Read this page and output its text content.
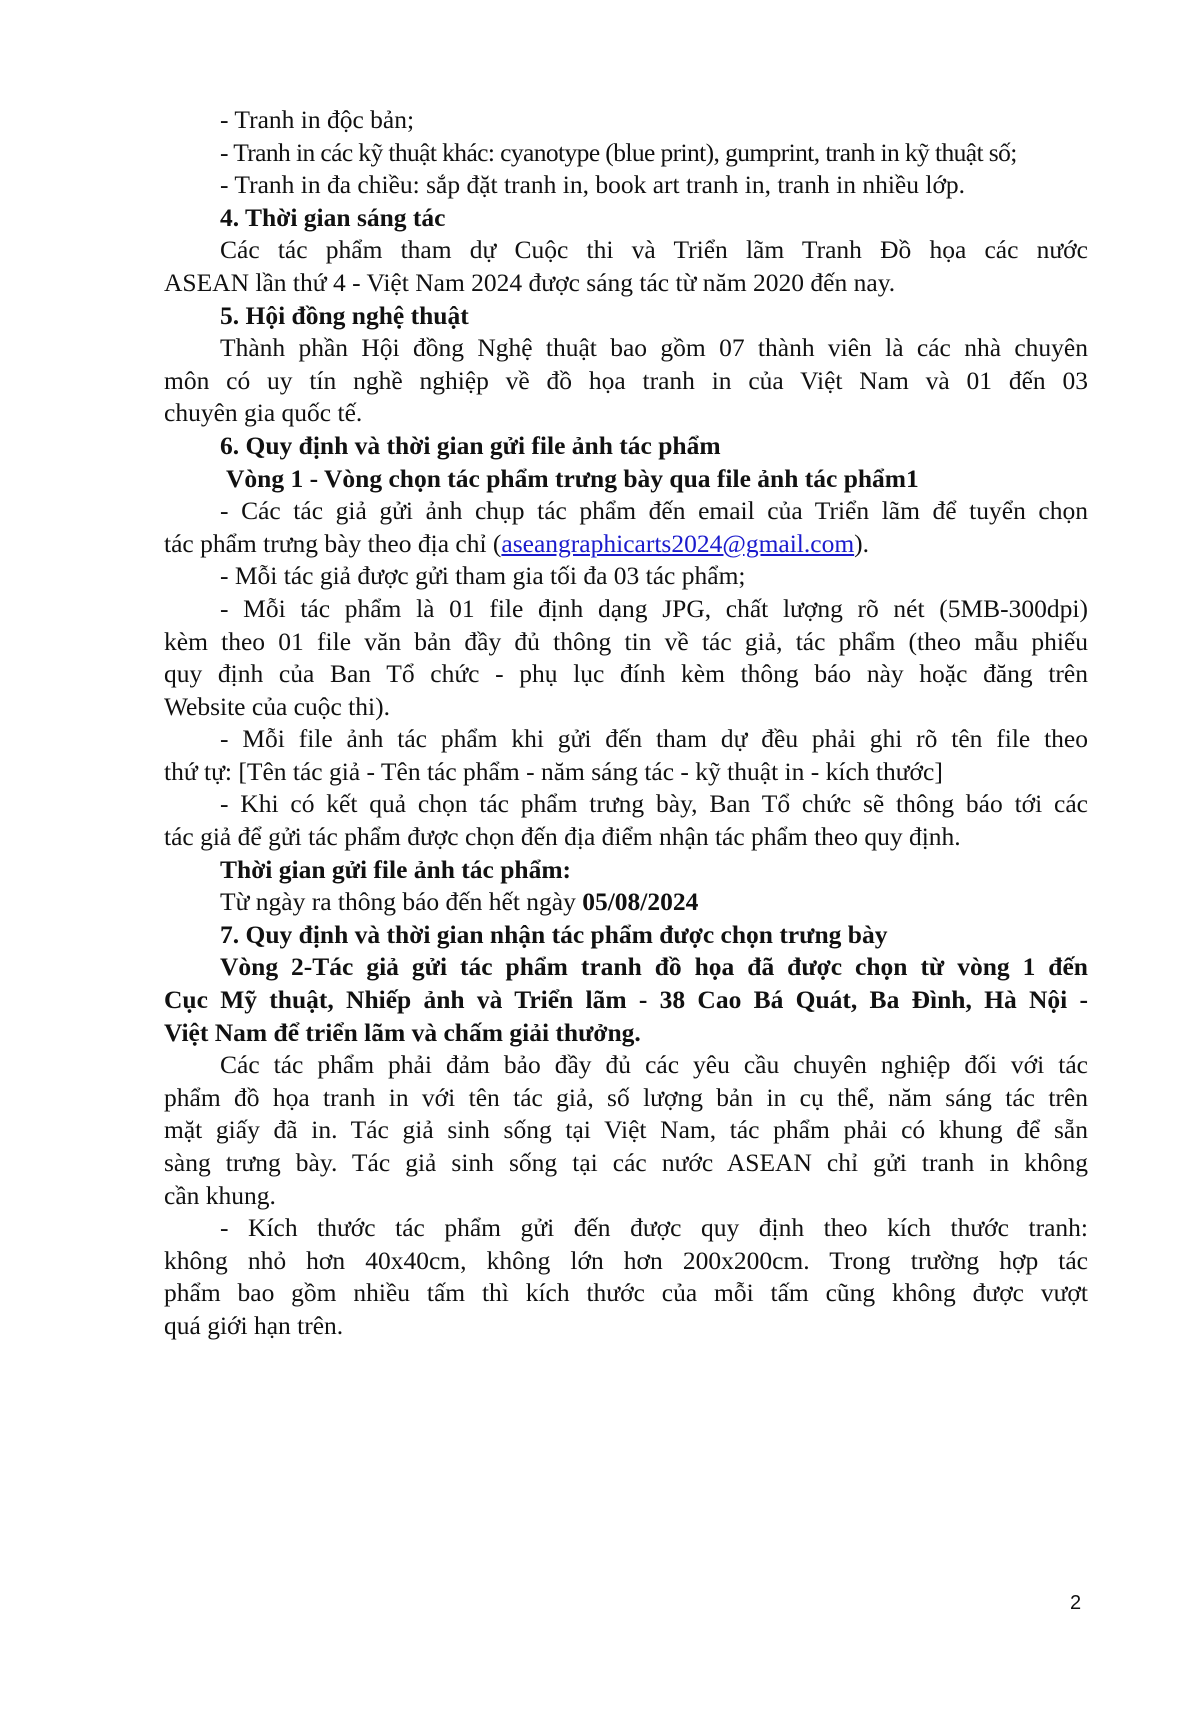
- Tranh in độc bản;
- Tranh in các kỹ thuật khác: cyanotype (blue print), gumprint, tranh in kỹ thuật số;
- Tranh in đa chiều: sắp đặt tranh in, book art tranh in, tranh in nhiều lớp.
4. Thời gian sáng tác
Các tác phẩm tham dự Cuộc thi và Triển lãm Tranh Đồ họa các nước
ASEAN lần thứ 4 - Việt Nam 2024 được sáng tác từ năm 2020 đến nay.
5. Hội đồng nghệ thuật
Thành phần Hội đồng Nghệ thuật bao gồm 07 thành viên là các nhà chuyên
môn có uy tín nghề nghiệp về đồ họa tranh in của Việt Nam và 01 đến 03
chuyên gia quốc tế.
6. Quy định và thời gian gửi file ảnh tác phẩm
Vòng 1 - Vòng chọn tác phẩm trưng bày qua file ảnh tác phẩm1
- Các tác giả gửi ảnh chụp tác phẩm đến email của Triển lãm để tuyển chọn
tác phẩm trưng bày theo địa chỉ (aseangraphicarts2024@gmail.com).
- Mỗi tác giả được gửi tham gia tối đa 03 tác phẩm;
- Mỗi tác phẩm là 01 file định dạng JPG, chất lượng rõ nét (5MB-300dpi)
kèm theo 01 file văn bản đầy đủ thông tin về tác giả, tác phẩm (theo mẫu phiếu
quy định của Ban Tổ chức - phụ lục đính kèm thông báo này hoặc đăng trên
Website của cuộc thi).
- Mỗi file ảnh tác phẩm khi gửi đến tham dự đều phải ghi rõ tên file theo
thứ tự: [Tên tác giả - Tên tác phẩm - năm sáng tác - kỹ thuật in - kích thước]
- Khi có kết quả chọn tác phẩm trưng bày, Ban Tổ chức sẽ thông báo tới các
tác giả để gửi tác phẩm được chọn đến địa điểm nhận tác phẩm theo quy định.
Thời gian gửi file ảnh tác phẩm:
Từ ngày ra thông báo đến hết ngày 05/08/2024
7. Quy định và thời gian nhận tác phẩm được chọn trưng bày
Vòng 2-Tác giả gửi tác phẩm tranh đồ họa đã được chọn từ vòng 1 đến
Cục Mỹ thuật, Nhiếp ảnh và Triển lãm - 38 Cao Bá Quát, Ba Đình, Hà Nội -
Việt Nam để triển lãm và chấm giải thưởng.
Các tác phẩm phải đảm bảo đầy đủ các yêu cầu chuyên nghiệp đối với tác
phẩm đồ họa tranh in với tên tác giả, số lượng bản in cụ thể, năm sáng tác trên
mặt giấy đã in. Tác giả sinh sống tại Việt Nam, tác phẩm phải có khung để sẵn
sàng trưng bày. Tác giả sinh sống tại các nước ASEAN chỉ gửi tranh in không
cần khung.
- Kích thước tác phẩm gửi đến được quy định theo kích thước tranh:
không nhỏ hơn 40x40cm, không lớn hơn 200x200cm. Trong trường hợp tác
phẩm bao gồm nhiều tấm thì kích thước của mỗi tấm cũng không được vượt
quá giới hạn trên.
2
